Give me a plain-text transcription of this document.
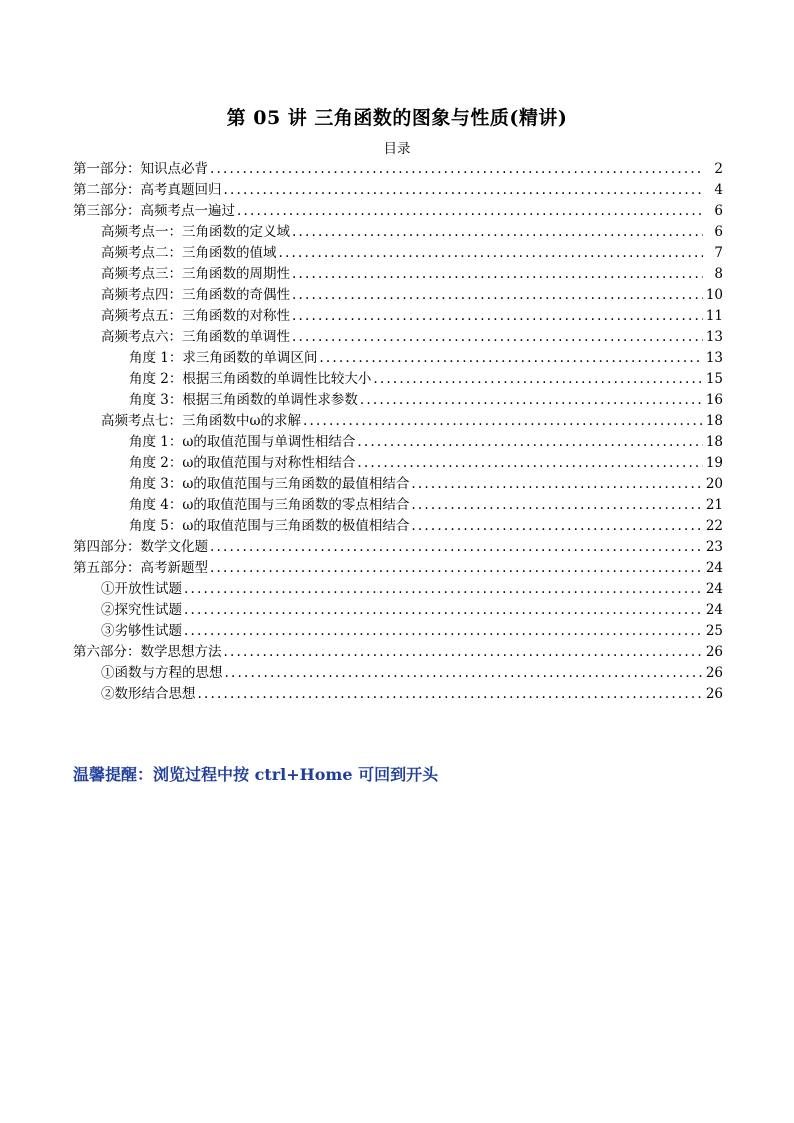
第 05 讲 三角函数的图象与性质(精讲)
目录
第一部分：知识点必背 .....	2
第二部分：高考真题回归 .....	4
第三部分：高频考点一遍过 .....	6
高频考点一：三角函数的定义域 .....	6
高频考点二：三角函数的值域 .....	7
高频考点三：三角函数的周期性 .....	8
高频考点四：三角函数的奇偶性 .....	10
高频考点五：三角函数的对称性 .....	11
高频考点六：三角函数的单调性 .....	13
角度 1：求三角函数的单调区间 .....	13
角度 2：根据三角函数的单调性比较大小 .....	15
角度 3：根据三角函数的单调性求参数 .....	16
高频考点七：三角函数中ω的求解 .....	18
角度 1：ω的取值范围与单调性相结合 .....	18
角度 2：ω的取值范围与对称性相结合 .....	19
角度 3：ω的取值范围与三角函数的最值相结合 .....	20
角度 4：ω的取值范围与三角函数的零点相结合 .....	21
角度 5：ω的取值范围与三角函数的极值相结合 .....	22
第四部分：数学文化题 .....	23
第五部分：高考新题型 .....	24
①开放性试题 .....	24
②探究性试题 .....	24
③劣够性试题 .....	25
第六部分：数学思想方法 .....	26
①函数与方程的思想 .....	26
②数形结合思想 .....	26
温馨提醒：浏览过程中按 ctrl+Home 可回到开头
